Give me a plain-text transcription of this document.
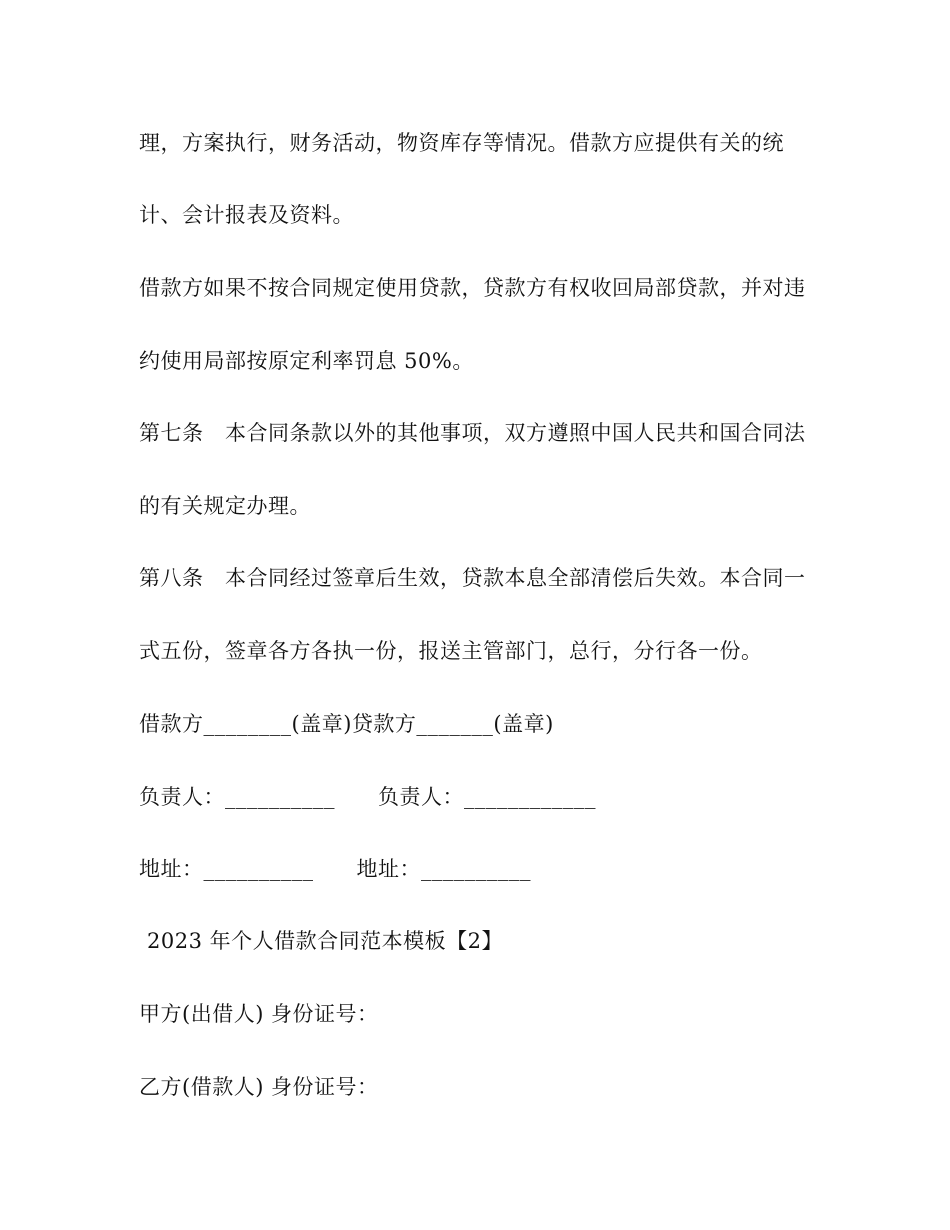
理，方案执行，财务活动，物资库存等情况。借款方应提供有关的统
计、会计报表及资料。
借款方如果不按合同规定使用贷款，贷款方有权收回局部贷款，并对违
约使用局部按原定利率罚息 50%。
第七条　本合同条款以外的其他事项，双方遵照中国人民共和国合同法
的有关规定办理。
第八条　本合同经过签章后生效，贷款本息全部清偿后失效。本合同一
式五份，签章各方各执一份，报送主管部门，总行，分行各一份。
借款方________(盖章)贷款方_______(盖章)
负责人：__________　　负责人：____________
地址：__________　　地址：__________
2023 年个人借款合同范本模板【2】
甲方(出借人) 身份证号：
乙方(借款人) 身份证号：
